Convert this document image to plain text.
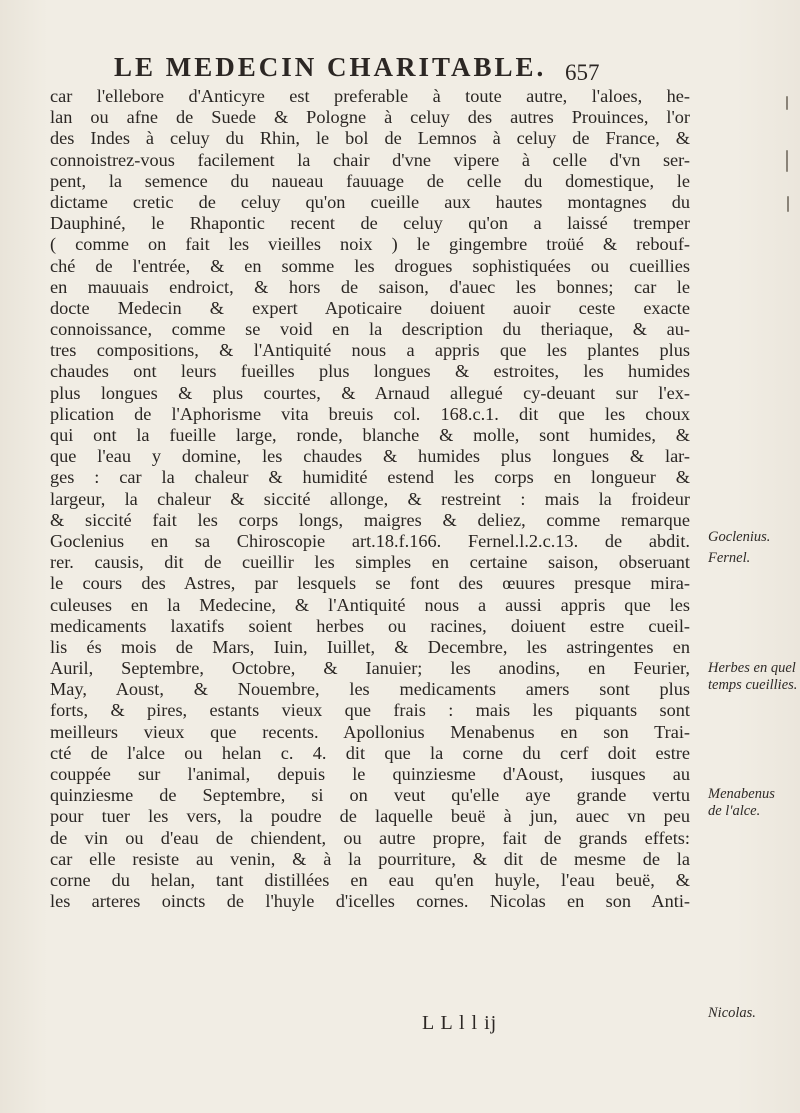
LE MEDECIN CHARITABLE. 657
car l'ellebore d'Anticyre est preferable à toute autre, l'aloes, he-
lan ou afne de Suede & Pologne à celuy des autres Prouinces, l'or
des Indes à celuy du Rhin, le bol de Lemnos à celuy de France, &
connoistrez-vous facilement la chair d'vne vipere à celle d'vn ser-
pent, la semence du naueau fauuage de celle du domestique, le
dictame cretic de celuy qu'on cueille aux hautes montagnes du
Dauphiné, le Rhapontic recent de celuy qu'on a laissé tremper
( comme on fait les vieilles noix ) le gingembre troüé & rebouf-
ché de l'entrée, & en somme les drogues sophistiquées ou cueillies
en mauuais endroict, & hors de saison, d'auec les bonnes; car le
docte Medecin & expert Apoticaire doiuent auoir ceste exacte
connoissance, comme se void en la description du theriaque, & au-
tres compositions, & l'Antiquité nous a appris que les plantes plus
chaudes ont leurs fueilles plus longues & estroites, les humides
plus longues & plus courtes, & Arnaud allegué cy-deuant sur l'ex-
plication de l'Aphorisme vita breuis col. 168.c.1. dit que les choux
qui ont la fueille large, ronde, blanche & molle, sont humides, &
que l'eau y domine, les chaudes & humides plus longues & lar-
ges : car la chaleur & humidité estend les corps en longueur &
largeur, la chaleur & siccité allonge, & restreint : mais la froideur
& siccité fait les corps longs, maigres & deliez, comme remarque
Goclenius en sa Chiroscopie art.18.f.166. Fernel.l.2.c.13. de abdit.
rer. causis, dit de cueillir les simples en certaine saison, obseruant
le cours des Astres, par lesquels se font des œuures presque mira-
culeuses en la Medecine, & l'Antiquité nous a aussi appris que les
medicaments laxatifs soient herbes ou racines, doiuent estre cueil-
lis és mois de Mars, Iuin, Iuillet, & Decembre, les astringentes en
Auril, Septembre, Octobre, & Ianuier; les anodins, en Feurier,
May, Aoust, & Nouembre, les medicaments amers sont plus
forts, & pires, estants vieux que frais : mais les piquants sont
meilleurs vieux que recents. Apollonius Menabenus en son Trai-
cté de l'alce ou helan c. 4. dit que la corne du cerf doit estre
couppée sur l'animal, depuis le quinziesme d'Aoust, iusques au
quinziesme de Septembre, si on veut qu'elle aye grande vertu
pour tuer les vers, la poudre de laquelle beuë à jun, auec vn peu
de vin ou d'eau de chiendent, ou autre propre, fait de grands effets:
car elle resiste au venin, & à la pourriture, & dit de mesme de la
corne du helan, tant distillées en eau qu'en huyle, l'eau beuë, &
les arteres oincts de l'huyle d'icelles cornes. Nicolas en son Anti-
Goclenius.
Fernel.
Herbes en quel temps cueillies.
Menabenus de l'alce.
Nicolas.
L L l l ij
